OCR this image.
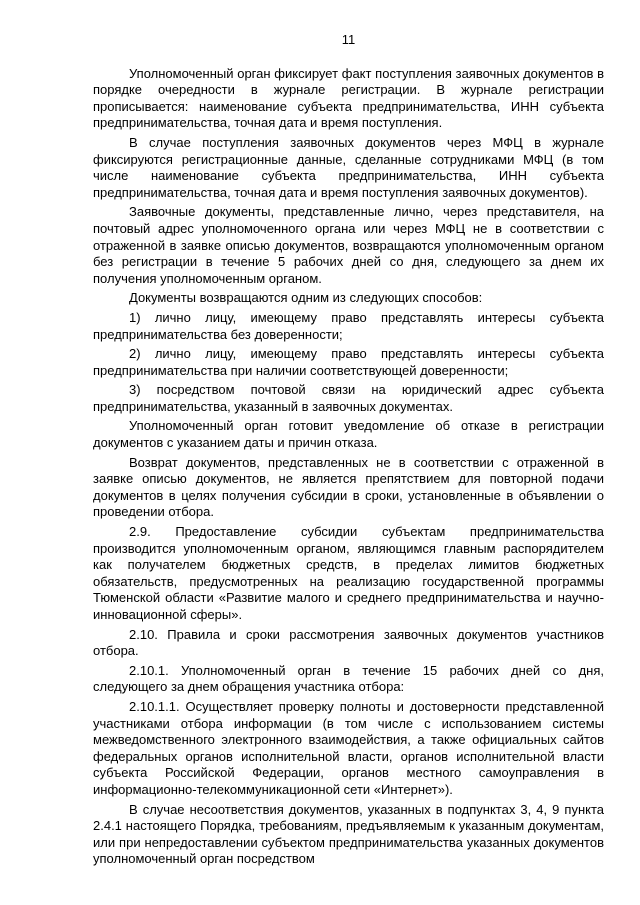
11

Уполномоченный орган фиксирует факт поступления заявочных документов в порядке очередности в журнале регистрации. В журнале регистрации прописывается: наименование субъекта предпринимательства, ИНН субъекта предпринимательства, точная дата и время поступления.

В случае поступления заявочных документов через МФЦ в журнале фиксируются регистрационные данные, сделанные сотрудниками МФЦ (в том числе наименование субъекта предпринимательства, ИНН субъекта предпринимательства, точная дата и время поступления заявочных документов).

Заявочные документы, представленные лично, через представителя, на почтовый адрес уполномоченного органа или через МФЦ не в соответствии с отраженной в заявке описью документов, возвращаются уполномоченным органом без регистрации в течение 5 рабочих дней со дня, следующего за днем их получения уполномоченным органом.

Документы возвращаются одним из следующих способов:

1) лично лицу, имеющему право представлять интересы субъекта предпринимательства без доверенности;

2) лично лицу, имеющему право представлять интересы субъекта предпринимательства при наличии соответствующей доверенности;

3) посредством почтовой связи на юридический адрес субъекта предпринимательства, указанный в заявочных документах.

Уполномоченный орган готовит уведомление об отказе в регистрации документов с указанием даты и причин отказа.

Возврат документов, представленных не в соответствии с отраженной в заявке описью документов, не является препятствием для повторной подачи документов в целях получения субсидии в сроки, установленные в объявлении о проведении отбора.

2.9. Предоставление субсидии субъектам предпринимательства производится уполномоченным органом, являющимся главным распорядителем как получателем бюджетных средств, в пределах лимитов бюджетных обязательств, предусмотренных на реализацию государственной программы Тюменской области «Развитие малого и среднего предпринимательства и научно-инновационной сферы».

2.10. Правила и сроки рассмотрения заявочных документов участников отбора.

2.10.1. Уполномоченный орган в течение 15 рабочих дней со дня, следующего за днем обращения участника отбора:

2.10.1.1. Осуществляет проверку полноты и достоверности представленной участниками отбора информации (в том числе с использованием системы межведомственного электронного взаимодействия, а также официальных сайтов федеральных органов исполнительной власти, органов исполнительной власти субъекта Российской Федерации, органов местного самоуправления в информационно-телекоммуникационной сети «Интернет»).

В случае несоответствия документов, указанных в подпунктах 3, 4, 9 пункта 2.4.1 настоящего Порядка, требованиям, предъявляемым к указанным документам, или при непредоставлении субъектом предпринимательства указанных документов уполномоченный орган посредством
